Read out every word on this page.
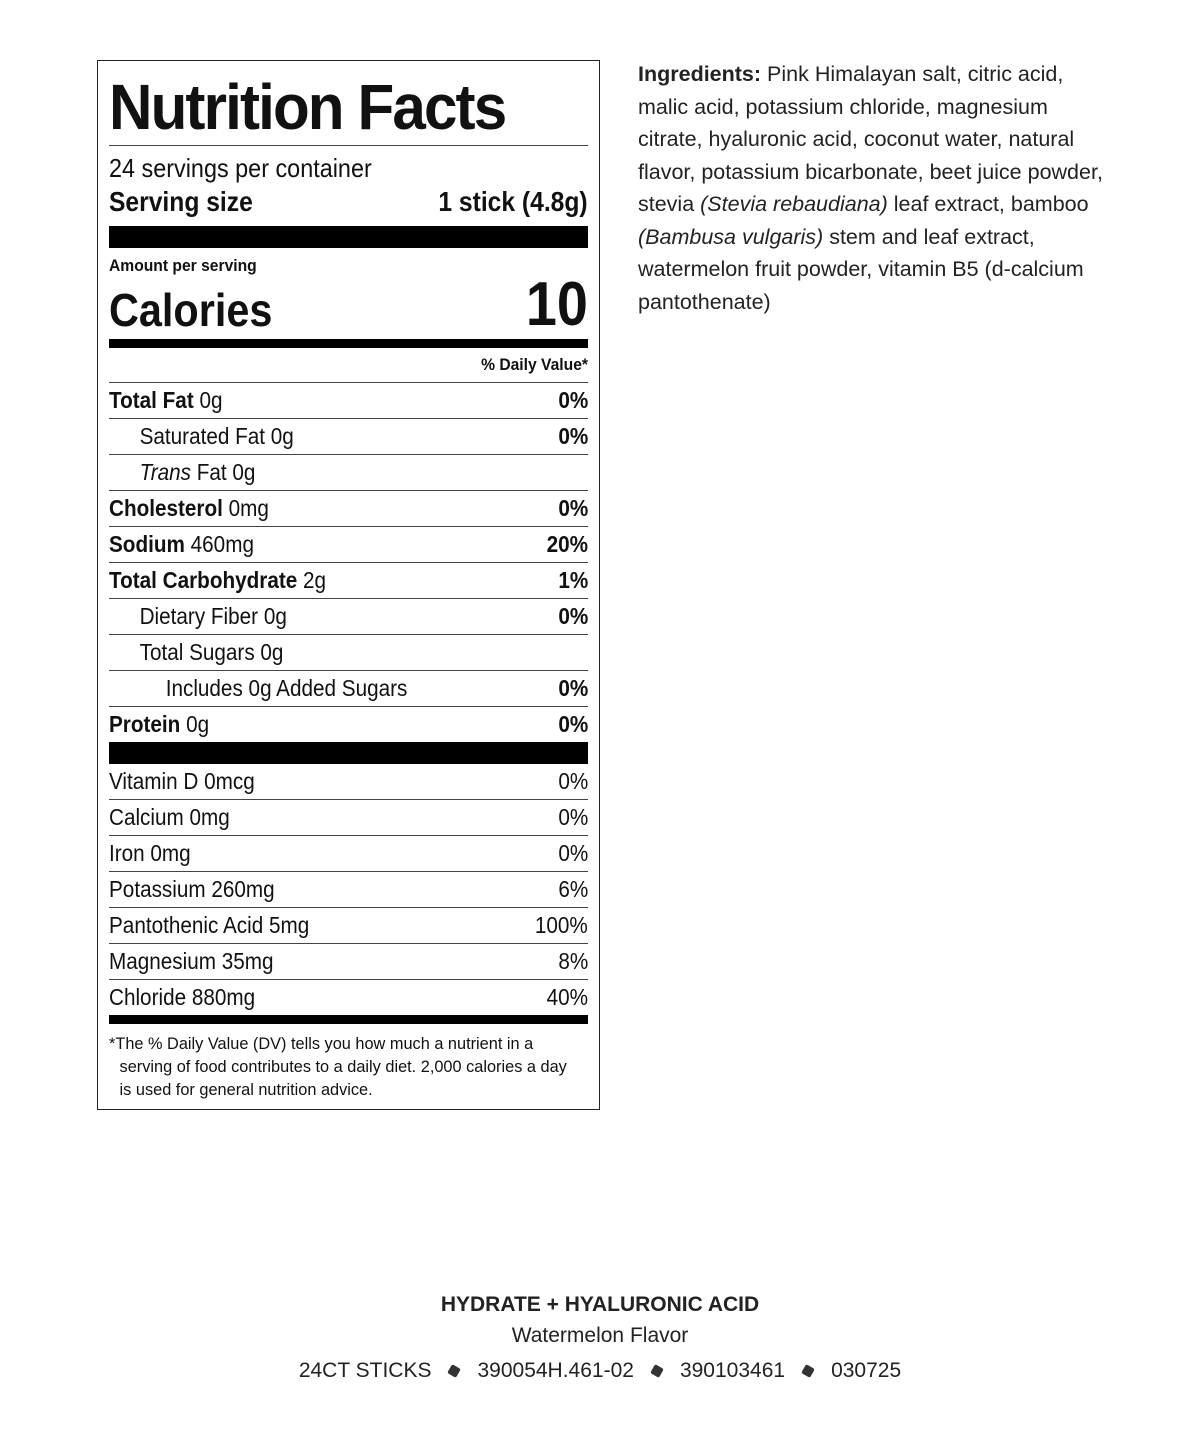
Nutrition Facts
24 servings per container
Serving size	1 stick (4.8g)
Amount per serving
Calories	10
% Daily Value*
Total Fat 0g	0%
Saturated Fat 0g	0%
Trans Fat 0g
Cholesterol 0mg	0%
Sodium 460mg	20%
Total Carbohydrate 2g	1%
Dietary Fiber 0g	0%
Total Sugars 0g
Includes 0g Added Sugars	0%
Protein 0g	0%
Vitamin D 0mcg	0%
Calcium 0mg	0%
Iron 0mg	0%
Potassium 260mg	6%
Pantothenic Acid 5mg	100%
Magnesium 35mg	8%
Chloride 880mg	40%
*The % Daily Value (DV) tells you how much a nutrient in a serving of food contributes to a daily diet. 2,000 calories a day is used for general nutrition advice.
Ingredients: Pink Himalayan salt, citric acid, malic acid, potassium chloride, magnesium citrate, hyaluronic acid, coconut water, natural flavor, potassium bicarbonate, beet juice powder, stevia (Stevia rebaudiana) leaf extract, bamboo (Bambusa vulgaris) stem and leaf extract, watermelon fruit powder, vitamin B5 (d-calcium pantothenate)
HYDRATE + HYALURONIC ACID
Watermelon Flavor
24CT STICKS 390054H.461-02 390103461 030725
